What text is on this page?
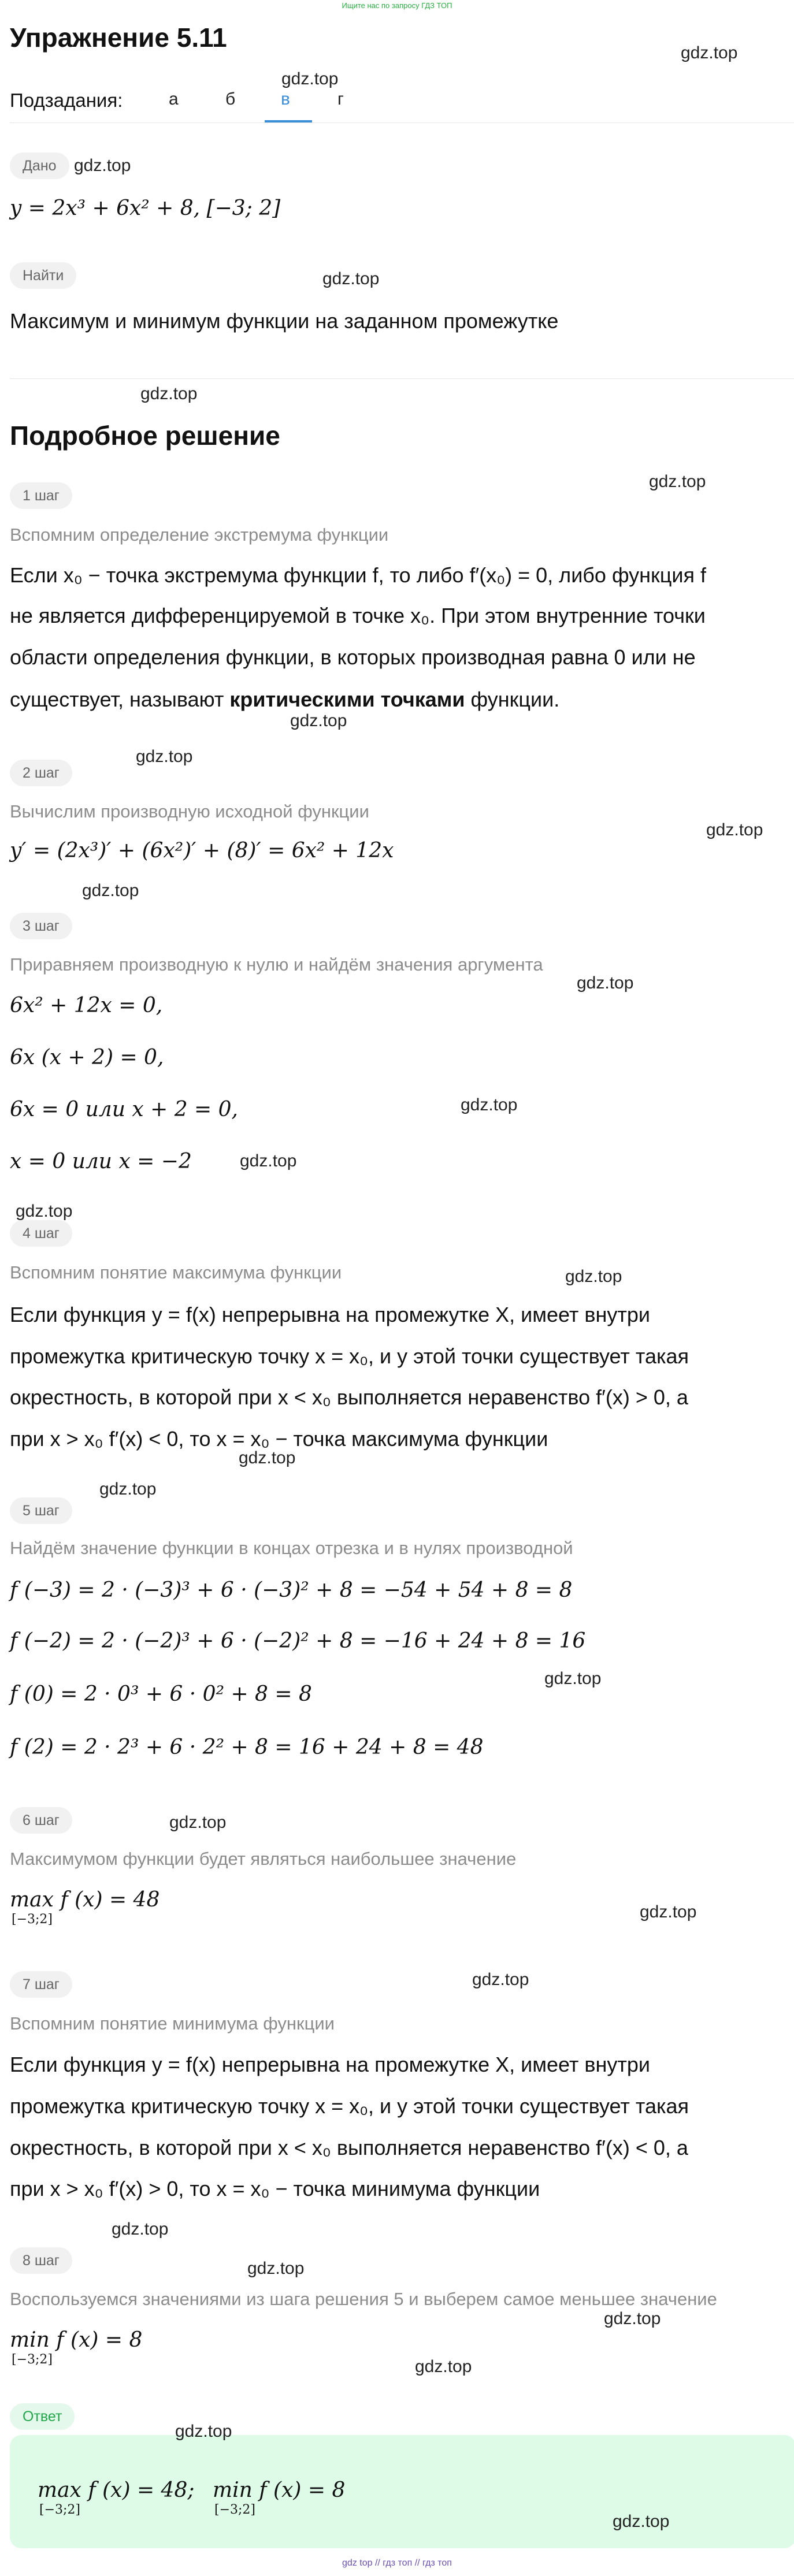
Ищите нас по запросу ГДЗ ТОП
Упражнение 5.11
Подзадания:	а	б	в	г
Дано
y = 2x³ + 6x² + 8, [−3; 2]
Найти
Максимум и минимум функции на заданном промежутке
Подробное решение
1 шаг
Вспомним определение экстремума функции
Если x₀ − точка экстремума функции f, то либо f′(x₀) = 0, либо функция f
не является дифференцируемой в точке x₀. При этом внутренние точки
области определения функции, в которых производная равна 0 или не
существует, называют критическими точками функции.
2 шаг
Вычислим производную исходной функции
y′ = (2x³)′ + (6x²)′ + (8)′ = 6x² + 12x
3 шаг
Приравняем производную к нулю и найдём значения аргумента
6x² + 12x = 0,
6x (x + 2) = 0,
6x = 0 или x + 2 = 0,
x = 0 или x = −2
4 шаг
Вспомним понятие максимума функции
Если функция y = f(x) непрерывна на промежутке X, имеет внутри
промежутка критическую точку x = x₀, и у этой точки существует такая
окрестность, в которой при x < x₀ выполняется неравенство f′(x) > 0, а
при x > x₀ f′(x) < 0, то x = x₀ − точка максимума функции
5 шаг
Найдём значение функции в концах отрезка и в нулях производной
f (−3) = 2 · (−3)³ + 6 · (−3)² + 8 = −54 + 54 + 8 = 8
f (−2) = 2 · (−2)³ + 6 · (−2)² + 8 = −16 + 24 + 8 = 16
f (0) = 2 · 0³ + 6 · 0² + 8 = 8
f (2) = 2 · 2³ + 6 · 2² + 8 = 16 + 24 + 8 = 48
6 шаг
Максимумом функции будет являться наибольшее значение
max f (x) = 48
[−3;2]
7 шаг
Вспомним понятие минимума функции
Если функция y = f(x) непрерывна на промежутке X, имеет внутри
промежутка критическую точку x = x₀, и у этой точки существует такая
окрестность, в которой при x < x₀ выполняется неравенство f′(x) < 0, а
при x > x₀ f′(x) > 0, то x = x₀ − точка минимума функции
8 шаг
Воспользуемся значениями из шага решения 5 и выберем самое меньшее значение
min f (x) = 8
[−3;2]
Ответ
max f (x) = 48;
[−3;2]
min f (x) = 8
[−3;2]
gdz.top
gdz.top
gdz.top
gdz.top
gdz.top
gdz.top
gdz.top
gdz.top
gdz.top
gdz.top
gdz.top
gdz.top
gdz.top
gdz.top
gdz.top
gdz.top
gdz.top
gdz.top
gdz.top
gdz.top
gdz.top
gdz.top
gdz.top
gdz.top
gdz.top
gdz.top
gdz.top
gdz top // гдз топ // гдз топ
